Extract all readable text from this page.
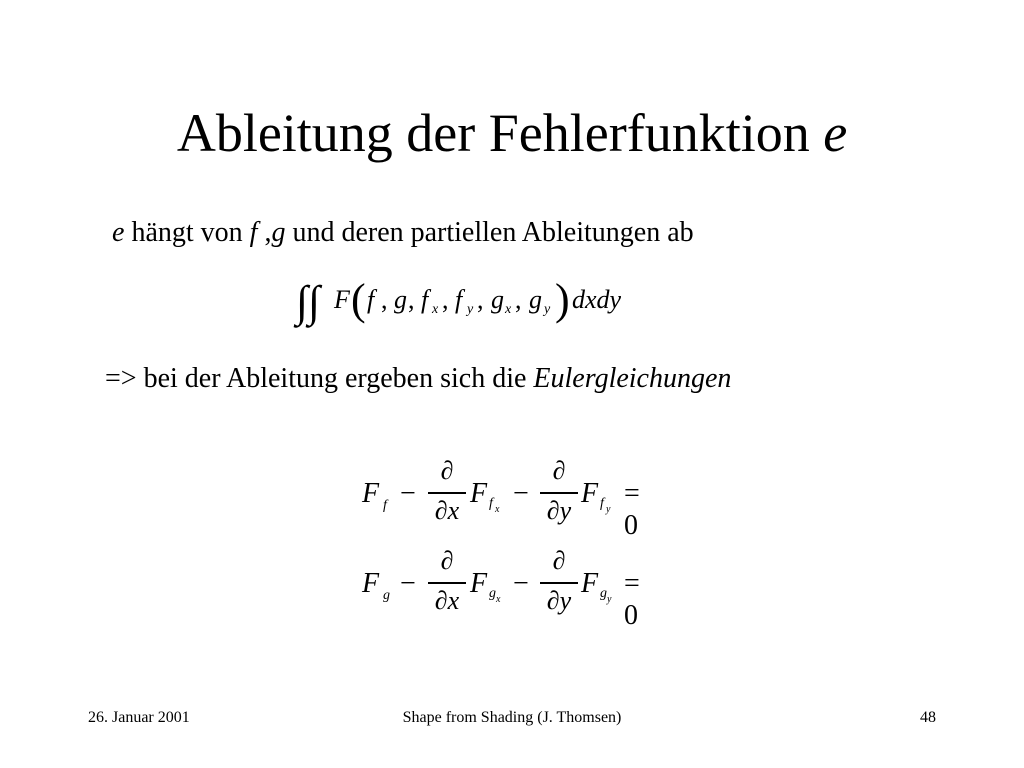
Ableitung der Fehlerfunktion e
e hängt von f ,g und deren partiellen Ableitungen ab
∫∫ F ( f , g , f x , f y , g x , g y ) dxdy
=> bei der Ableitung ergeben sich die Eulergleichungen
F f −
∂
∂x
F f x
−
∂
∂y
F f y
= 0
F g −
∂
∂x
F g x
−
∂
∂y
F g y
= 0
26. Januar 2001	Shape from Shading (J. Thomsen)	48
